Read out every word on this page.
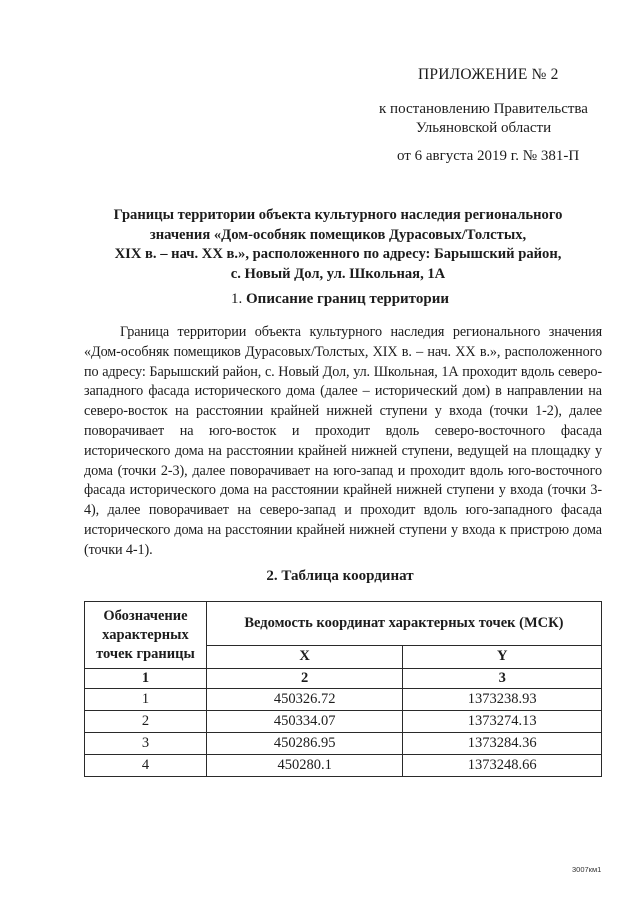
ПРИЛОЖЕНИЕ № 2
к постановлению Правительства
Ульяновской области
от 6 августа 2019 г. № 381-П
Границы территории объекта культурного наследия регионального
значения «Дом-особняк помещиков Дурасовых/Толстых,
XIX в. – нач. XX в.», расположенного по адресу: Барышский район,
с. Новый Дол, ул. Школьная, 1А
1. Описание границ территории
Граница территории объекта культурного наследия регионального значения «Дом-особняк помещиков Дурасовых/Толстых, XIX в. – нач. XX в.», расположенного по адресу: Барышский район, с. Новый Дол, ул. Школьная, 1А проходит вдоль северо-западного фасада исторического дома (далее – исторический дом) в направлении на северо-восток на расстоянии крайней нижней ступени у входа (точки 1-2), далее поворачивает на юго-восток и проходит вдоль северо-восточного фасада исторического дома на расстоянии крайней нижней ступени, ведущей на площадку у дома (точки 2-3), далее поворачивает на юго-запад и проходит вдоль юго-восточного фасада исторического дома на расстоянии крайней нижней ступени у входа (точки 3-4), далее поворачивает на северо-запад и проходит вдоль юго-западного фасада исторического дома на расстоянии крайней нижней ступени у входа к пристрою дома (точки 4-1).
2. Таблица координат
Обозначение характерных точек границы	Ведомость координат характерных точек (МСК)	
	X	Y
1	2	3
1	450326.72	1373238.93
2	450334.07	1373274.13
3	450286.95	1373284.36
4	450280.1	1373248.66
3007км1
